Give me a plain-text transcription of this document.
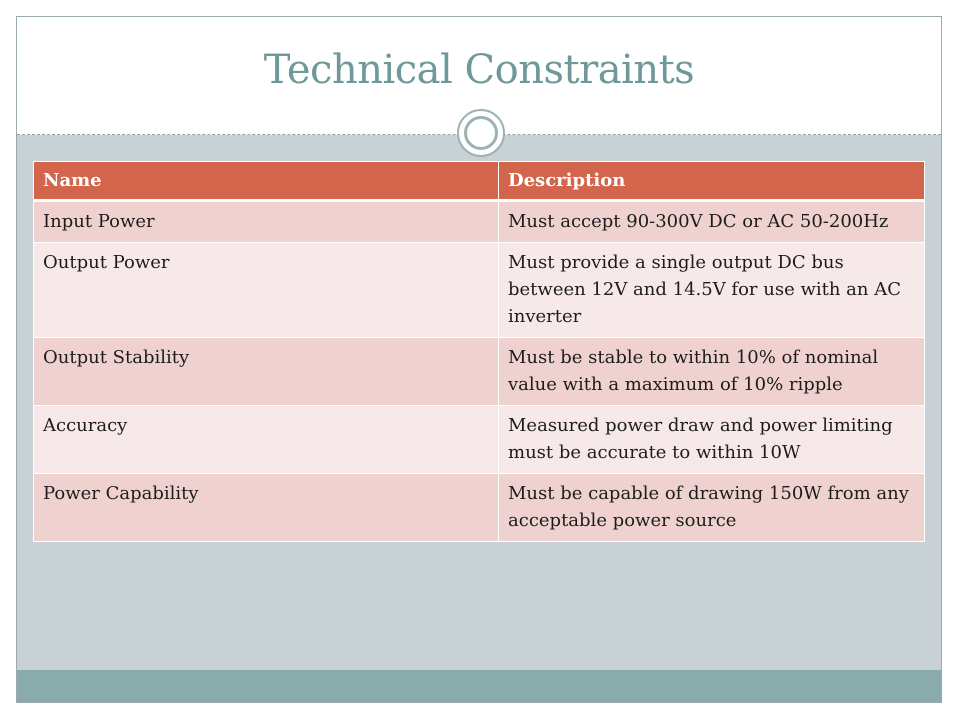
Technical Constraints
Name	Description
Input Power	Must accept 90-300V DC or AC 50-200Hz
Output Power	Must provide a single output DC bus between 12V and 14.5V for use with an AC inverter
Output Stability	Must be stable to within 10% of nominal value with a maximum of 10% ripple
Accuracy	Measured power draw and power limiting must be accurate to within 10W
Power Capability	Must be capable of drawing 150W from any acceptable power source
